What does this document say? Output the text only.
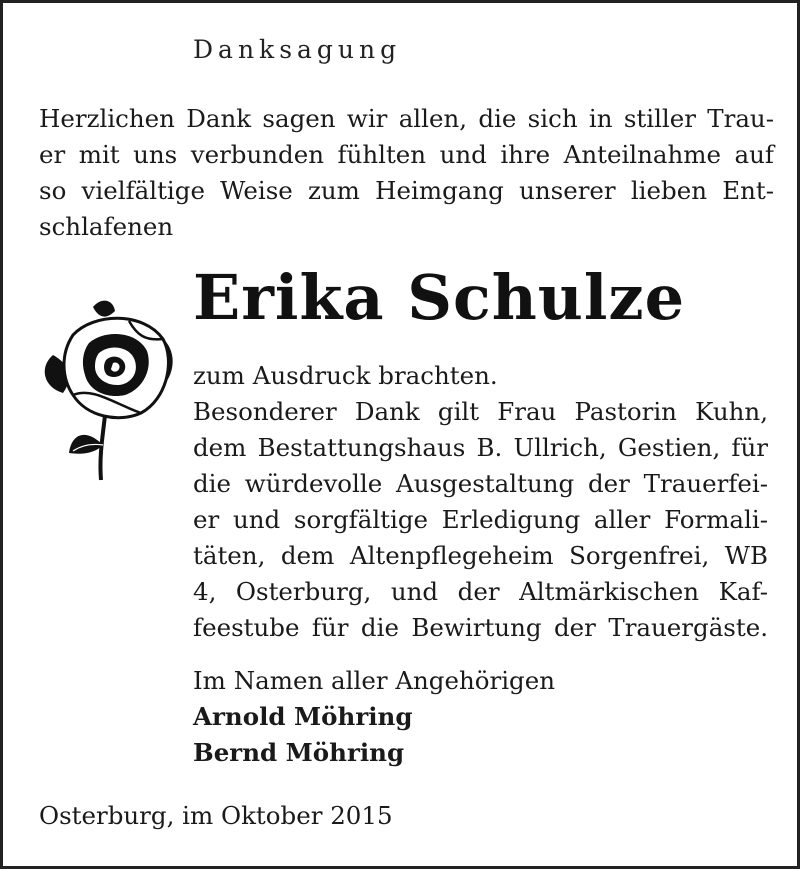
Danksagung
Herzlichen Dank sagen wir allen, die sich in stiller Trau-
er mit uns verbunden fühlten und ihre Anteilnahme auf
so vielfältige Weise zum Heimgang unserer lieben Ent-
schlafenen
Erika Schulze
zum Ausdruck brachten.
Besonderer Dank gilt Frau Pastorin Kuhn,
dem Bestattungshaus B. Ullrich, Gestien, für
die würdevolle Ausgestaltung der Trauerfei-
er und sorgfältige Erledigung aller Formali-
täten, dem Altenpflegeheim Sorgenfrei, WB
4, Osterburg, und der Altmärkischen Kaf-
feestube für die Bewirtung der Trauergäste.
Im Namen aller Angehörigen
Arnold Möhring
Bernd Möhring
Osterburg, im Oktober 2015
